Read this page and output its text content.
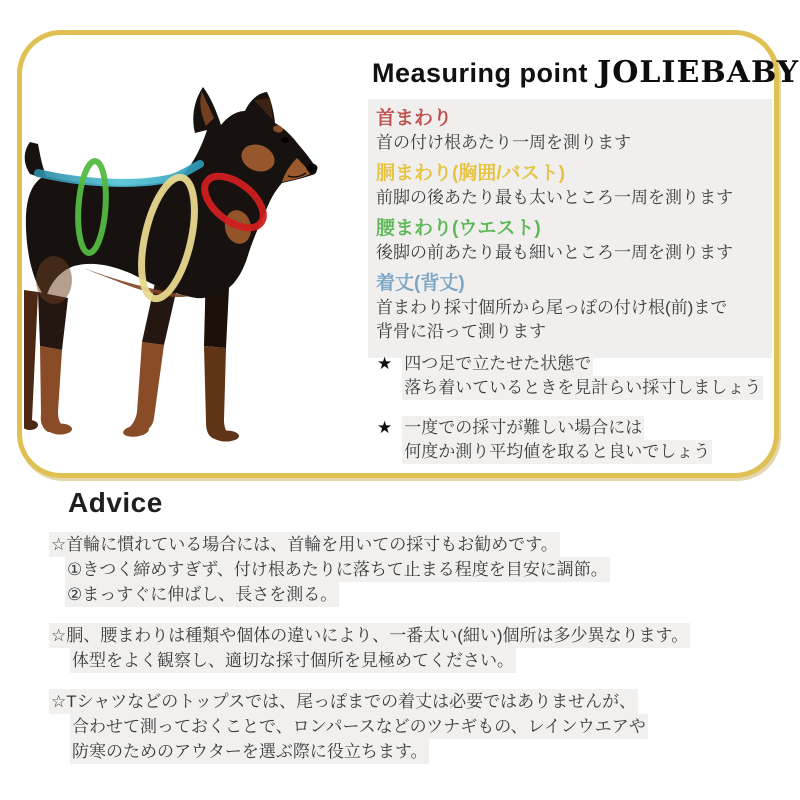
Measuring point JOLIEBABY
首まわり
首の付け根あたり一周を測ります
胴まわり(胸囲/バスト)
前脚の後あたり最も太いところ一周を測ります
腰まわり(ウエスト)
後脚の前あたり最も細いところ一周を測ります
着丈(背丈)
首まわり採寸個所から尾っぽの付け根(前)まで
背骨に沿って測ります
★ 四つ足で立たせた状態で
落ち着いているときを見計らい採寸しましょう
★ 一度での採寸が難しい場合には
何度か測り平均値を取ると良いでしょう
Advice
☆首輪に慣れている場合には、首輪を用いての採寸もお勧めです。
①きつく締めすぎず、付け根あたりに落ちて止まる程度を目安に調節。
②まっすぐに伸ばし、長さを測る。
☆胴、腰まわりは種類や個体の違いにより、一番太い(細い)個所は多少異なります。
体型をよく観察し、適切な採寸個所を見極めてください。
☆Tシャツなどのトップスでは、尾っぽまでの着丈は必要ではありませんが、
合わせて測っておくことで、ロンパースなどのツナギもの、レインウエアや
防寒のためのアウターを選ぶ際に役立ちます。
